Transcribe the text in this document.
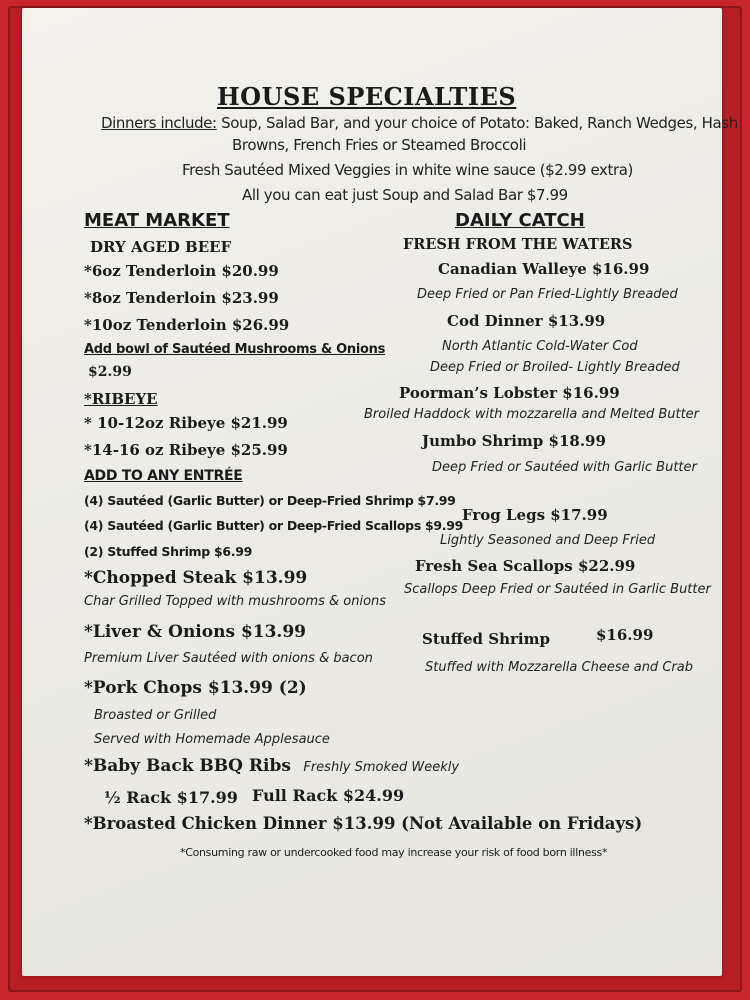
HOUSE SPECIALTIES
Dinners include: Soup, Salad Bar, and your choice of Potato: Baked, Ranch Wedges, Hash
Browns, French Fries or Steamed Broccoli
Fresh Sautéed Mixed Veggies in white wine sauce ($2.99 extra)
All you can eat just Soup and Salad Bar $7.99
MEAT MARKET
DRY AGED BEEF
*6oz Tenderloin $20.99
*8oz Tenderloin $23.99
*10oz Tenderloin $26.99
Add bowl of Sautéed Mushrooms & Onions
$2.99
*RIBEYE
* 10-12oz Ribeye $21.99
*14-16 oz Ribeye $25.99
ADD TO ANY ENTRÉE
(4) Sautéed (Garlic Butter) or Deep-Fried Shrimp $7.99
(4) Sautéed (Garlic Butter) or Deep-Fried Scallops $9.99
(2) Stuffed Shrimp $6.99
*Chopped Steak $13.99
Char Grilled Topped with mushrooms & onions
*Liver & Onions $13.99
Premium Liver Sautéed with onions & bacon
*Pork Chops $13.99 (2)
Broasted or Grilled
Served with Homemade Applesauce
*Baby Back BBQ Ribs Freshly Smoked Weekly
½ Rack $17.99 Full Rack $24.99
*Broasted Chicken Dinner $13.99 (Not Available on Fridays)
*Consuming raw or undercooked food may increase your risk of food born illness*
DAILY CATCH
FRESH FROM THE WATERS
Canadian Walleye $16.99
Deep Fried or Pan Fried-Lightly Breaded
Cod Dinner $13.99
North Atlantic Cold-Water Cod
Deep Fried or Broiled- Lightly Breaded
Poorman’s Lobster $16.99
Broiled Haddock with mozzarella and Melted Butter
Jumbo Shrimp $18.99
Deep Fried or Sautéed with Garlic Butter
Frog Legs $17.99
Lightly Seasoned and Deep Fried
Fresh Sea Scallops $22.99
Scallops Deep Fried or Sautéed in Garlic Butter
Stuffed Shrimp	$16.99
Stuffed with Mozzarella Cheese and Crab
